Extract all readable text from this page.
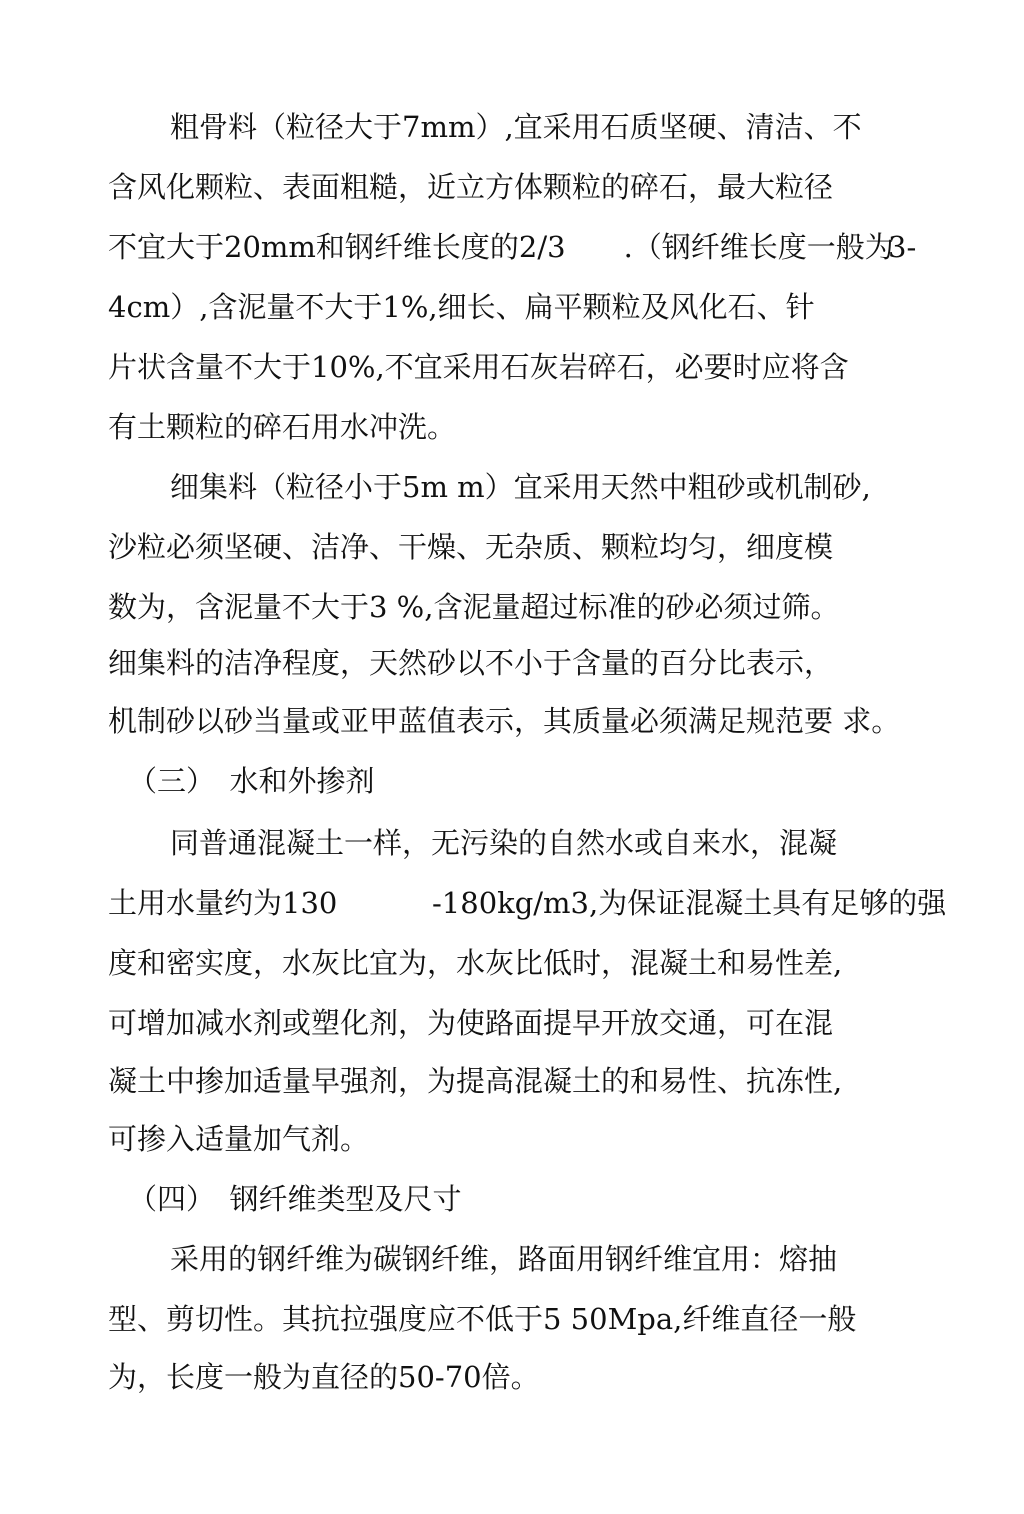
粗骨料（粒径大于7mm）,宜采用石质坚硬、清洁、不
含风化颗粒、表面粗糙，近立方体颗粒的碎石，最大粒径
不宜大于20mm和钢纤维长度的2/3　　.（钢纤维长度一般为
3-
4cm）,含泥量不大于1%,细长、扁平颗粒及风化石、针
片状含量不大于10%,不宜采用石灰岩碎石，必要时应将含
有土颗粒的碎石用水冲洗。
细集料（粒径小于5m m）宜采用天然中粗砂或机制砂,
沙粒必须坚硬、洁净、干燥、无杂质、颗粒均匀，细度模
数为，含泥量不大于3 %,含泥量超过标准的砂必须过筛。
细集料的洁净程度，天然砂以不小于含量的百分比表示，
机制砂以砂当量或亚甲蓝值表示，其质量必须满足规范要 求。
（三）　水和外掺剂
同普通混凝土一样，无污染的自然水或自来水，混凝
土用水量约为130	-180kg/m3,为保证混凝土具有足够的强
度和密实度，水灰比宜为，水灰比低时，混凝土和易性差,
可增加减水剂或塑化剂，为使路面提早开放交通，可在混
凝土中掺加适量早强剂，为提高混凝土的和易性、抗冻性,
可掺入适量加气剂。
（四）　钢纤维类型及尺寸
采用的钢纤维为碳钢纤维，路面用钢纤维宜用：熔抽
型、剪切性。其抗拉强度应不低于5 50Mpa,纤维直径一般
为，长度一般为直径的50-70倍。
